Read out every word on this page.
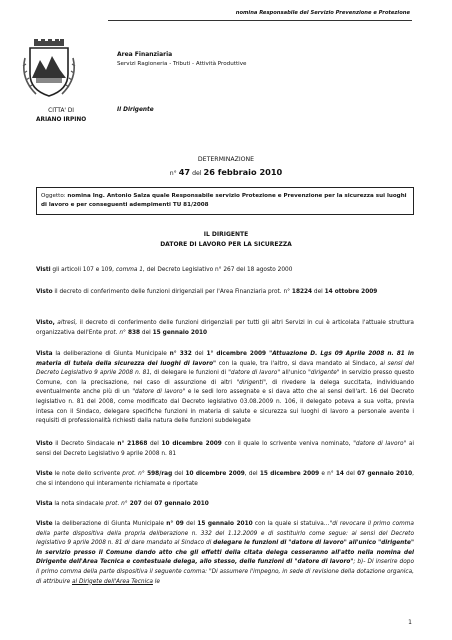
nomina Responsabile del Servizio Prevenzione e Protezione
Area Finanziaria
Servizi Ragioneria - Tributi - Attività Produttive
CITTA' DI
ARIANO IRPINO
Il Dirigente
DETERMINAZIONE
n° 47 del 26 febbraio 2010
Oggetto: nomina Ing. Antonio Salza quale Responsabile servizio Protezione e Prevenzione per la sicurezza sui luoghi di lavoro e per conseguenti adempimenti TU 81/2008
IL DIRIGENTE
DATORE DI LAVORO PER LA SICUREZZA
Visti gli articoli 107 e 109, comma 1, del Decreto Legislativo n° 267 del 18 agosto 2000
Visto il decreto di conferimento delle funzioni dirigenziali per l'Area Finanziaria prot. n° 18224 del 14 ottobre 2009
Visto, altresì, il decreto di conferimento delle funzioni dirigenziali per tutti gli altri Servizi in cui è articolata l'attuale struttura organizzativa dell'Ente prot. n° 838 del 15 gennaio 2010
Vista la deliberazione di Giunta Municipale n° 332 del 1° dicembre 2009 "Attuazione D. Lgs 09 Aprile 2008 n. 81 in materia di tutela della sicurezza dei luoghi di lavoro" con la quale, tra l'altro, si dava mandato al Sindaco, ai sensi del Decreto Legislativo 9 aprile 2008 n. 81, di delegare le funzioni di "datore di lavoro" all'unico "dirigente" in servizio presso questo Comune, con la precisazione, nel caso di assunzione di altri "dirigenti", di rivedere la delega succitata, individuando eventualmente anche più di un "datore di lavoro" e le sedi loro assegnate e si dava atto che ai sensi dell'art. 16 del Decreto legislativo n. 81 del 2008, come modificato dal Decreto legislativo 03.08.2009 n. 106, il delegato poteva a sua volta, previa intesa con il Sindaco, delegare specifiche funzioni in materia di salute e sicurezza sui luoghi di lavoro a personale avente i requisiti di professionalità richiesti dalla natura delle funzioni subdelegate
Visto il Decreto Sindacale n° 21868 del 10 dicembre 2009 con il quale lo scrivente veniva nominato, "datore di lavoro" ai sensi del Decreto Legislativo 9 aprile 2008 n. 81
Viste le note dello scrivente prot. n° 598/rag del 10 dicembre 2009, del 15 dicembre 2009 e n° 14 del 07 gennaio 2010, che si intendono qui interamente richiamate e riportate
Vista la nota sindacale prot. n° 207 del 07 gennaio 2010
Viste la deliberazione di Giunta Municipale n° 09 del 15 gennaio 2010 con la quale si statuiva…"di revocare il primo comma della parte dispositiva della propria deliberazione n. 332 del 1.12.2009 e di sostituirlo come segue: ai sensi del Decreto legislativo 9 aprile 2008 n. 81 di dare mandato al Sindaco di delegare le funzioni di "datore di lavoro" all'unico "dirigente" in servizio presso il Comune dando atto che gli effetti della citata delega cesseranno all'atto nella nomina del Dirigente dell'Area Tecnica e contestuale delega, allo stesso, delle funzioni di "datore di lavoro"; b)- Di inserire dopo il primo comma della parte dispositiva il seguente comma: "Di assumere l'impegno, in sede di revisione della dotazione organica, di attribuire al Dirigete dell'Area Tecnica le
1
